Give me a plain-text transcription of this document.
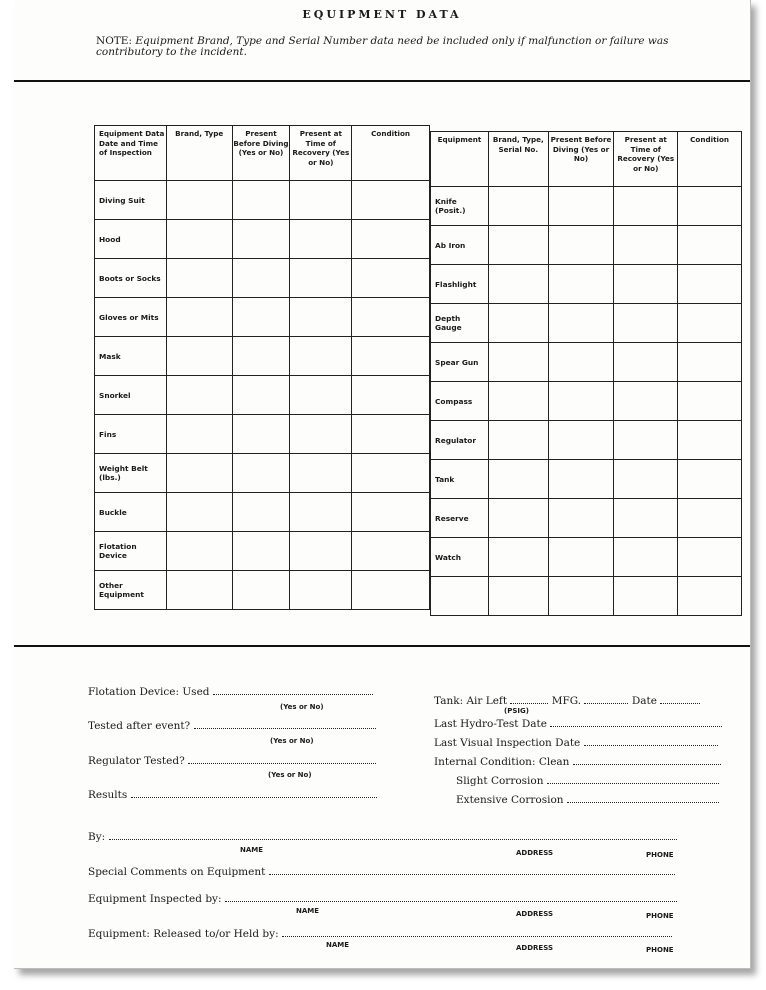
EQUIPMENT DATA
NOTE: Equipment Brand, Type and Serial Number data need be included only if malfunction or failure was contributory to the incident.
Equipment Data Date and Time of Inspection	Brand, Type	Present Before Diving (Yes or No)	Present at Time of Recovery (Yes or No)	Condition
Diving Suit				
Hood				
Boots or Socks				
Gloves or Mits				
Mask				
Snorkel				
Fins				
Weight Belt (lbs.)				
Buckle				
Flotation Device				
Other Equipment				
Equipment	Brand, Type, Serial No.	Present Before Diving (Yes or No)	Present at Time of Recovery (Yes or No)	Condition
Knife (Posit.)				
Ab Iron				
Flashlight				
Depth Gauge				
Spear Gun				
Compass				
Regulator				
Tank				
Reserve				
Watch				

Flotation Device: Used
(Yes or No)
Tested after event?
(Yes or No)
Regulator Tested?
(Yes or No)
Results
Tank: Air Left	MFG.	Date
(PSIG)
Last Hydro-Test Date
Last Visual Inspection Date
Internal Condition: Clean
Slight Corrosion
Extensive Corrosion
By:
NAME	ADDRESS	PHONE
Special Comments on Equipment
Equipment Inspected by:
NAME	ADDRESS	PHONE
Equipment: Released to/or Held by:
NAME	ADDRESS	PHONE
